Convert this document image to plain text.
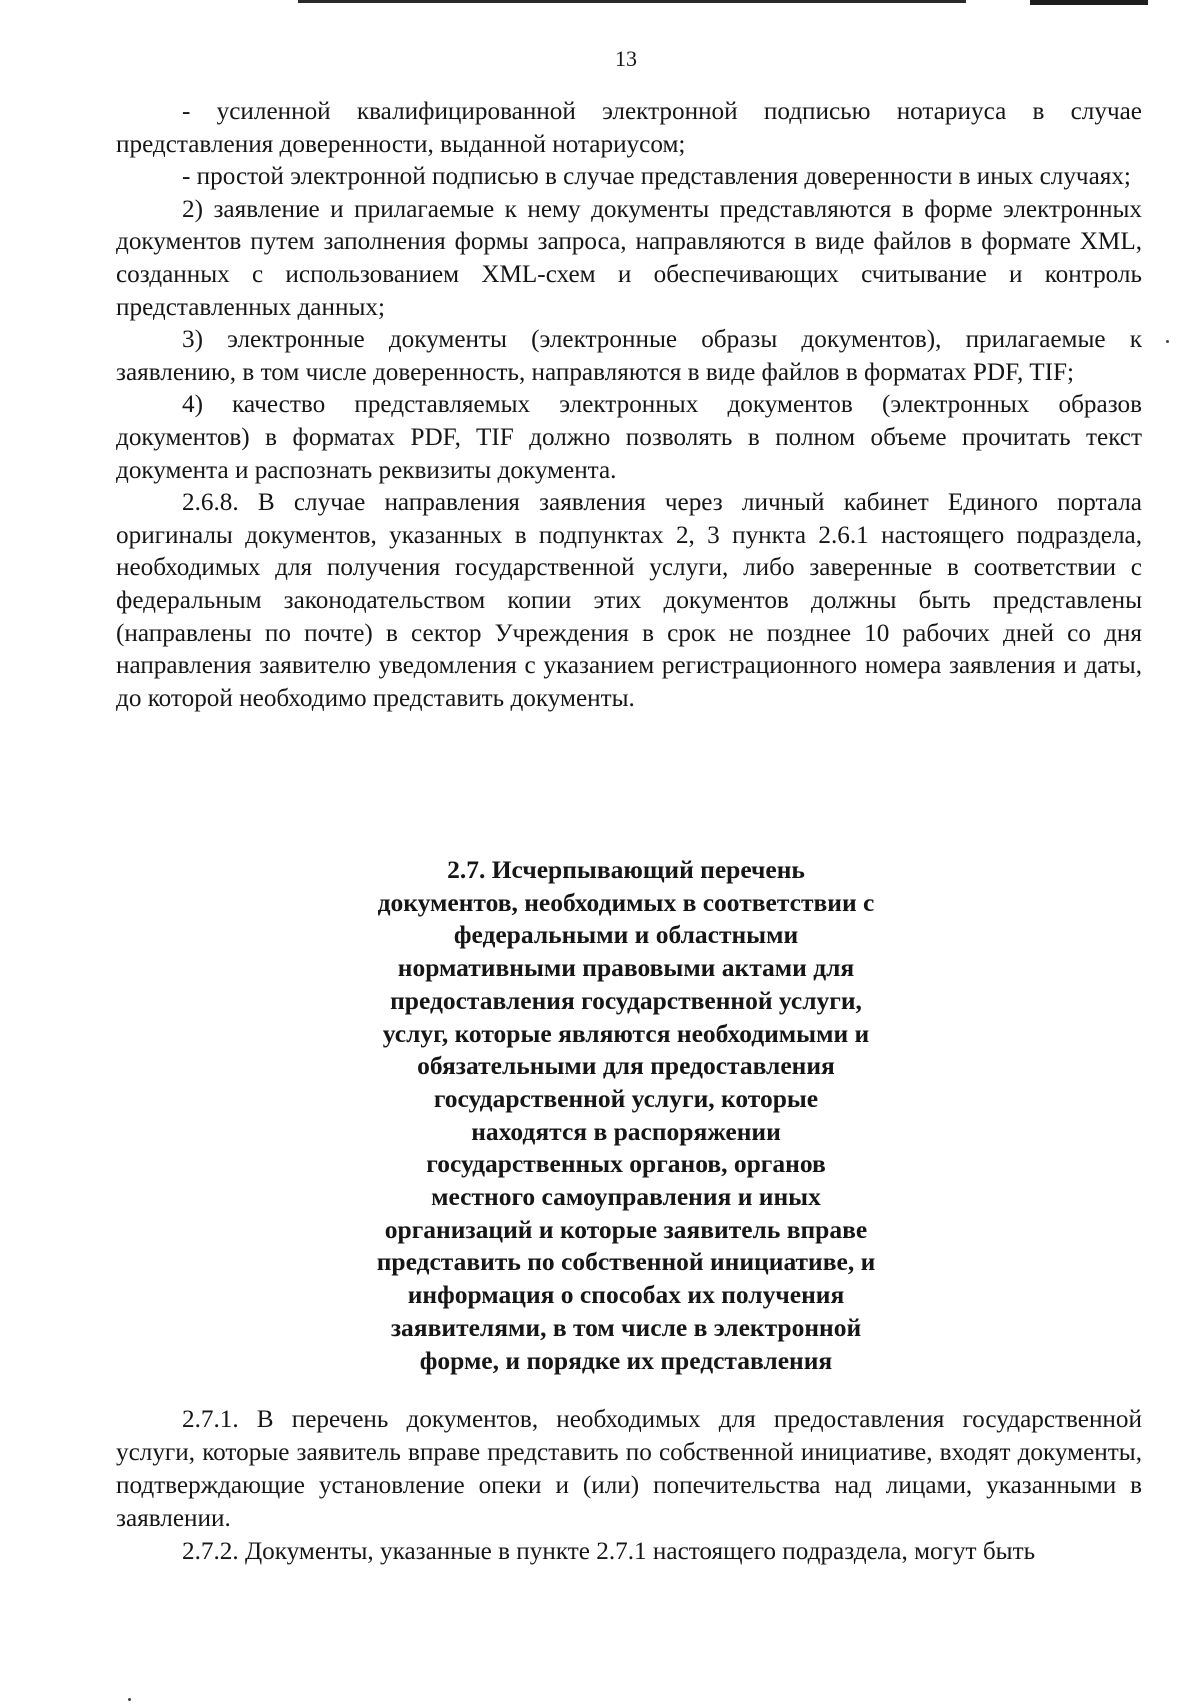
13

- усиленной квалифицированной электронной подписью нотариуса в случае представления доверенности, выданной нотариусом;

- простой электронной подписью в случае представления доверенности в иных случаях;

2) заявление и прилагаемые к нему документы представляются в форме электронных документов путем заполнения формы запроса, направляются в виде файлов в формате XML, созданных с использованием XML-схем и обеспечивающих считывание и контроль представленных данных;

3) электронные документы (электронные образы документов), прилагаемые к заявлению, в том числе доверенность, направляются в виде файлов в форматах PDF, TIF;

4) качество представляемых электронных документов (электронных образов документов) в форматах PDF, TIF должно позволять в полном объеме прочитать текст документа и распознать реквизиты документа.

2.6.8. В случае направления заявления через личный кабинет Единого портала оригиналы документов, указанных в подпунктах 2, 3 пункта 2.6.1 настоящего подраздела, необходимых для получения государственной услуги, либо заверенные в соответствии с федеральным законодательством копии этих документов должны быть представлены (направлены по почте) в сектор Учреждения в срок не позднее 10 рабочих дней со дня направления заявителю уведомления с указанием регистрационного номера заявления и даты, до которой необходимо представить документы.

2.7. Исчерпывающий перечень
документов, необходимых в соответствии с
федеральными и областными
нормативными правовыми актами для
предоставления государственной услуги,
услуг, которые являются необходимыми и
обязательными для предоставления
государственной услуги, которые
находятся в распоряжении
государственных органов, органов
местного самоуправления и иных
организаций и которые заявитель вправе
представить по собственной инициативе, и
информация о способах их получения
заявителями, в том числе в электронной
форме, и порядке их представления

2.7.1. В перечень документов, необходимых для предоставления государственной услуги, которые заявитель вправе представить по собственной инициативе, входят документы, подтверждающие установление опеки и (или) попечительства над лицами, указанными в заявлении.

2.7.2. Документы, указанные в пункте 2.7.1 настоящего подраздела, могут быть
